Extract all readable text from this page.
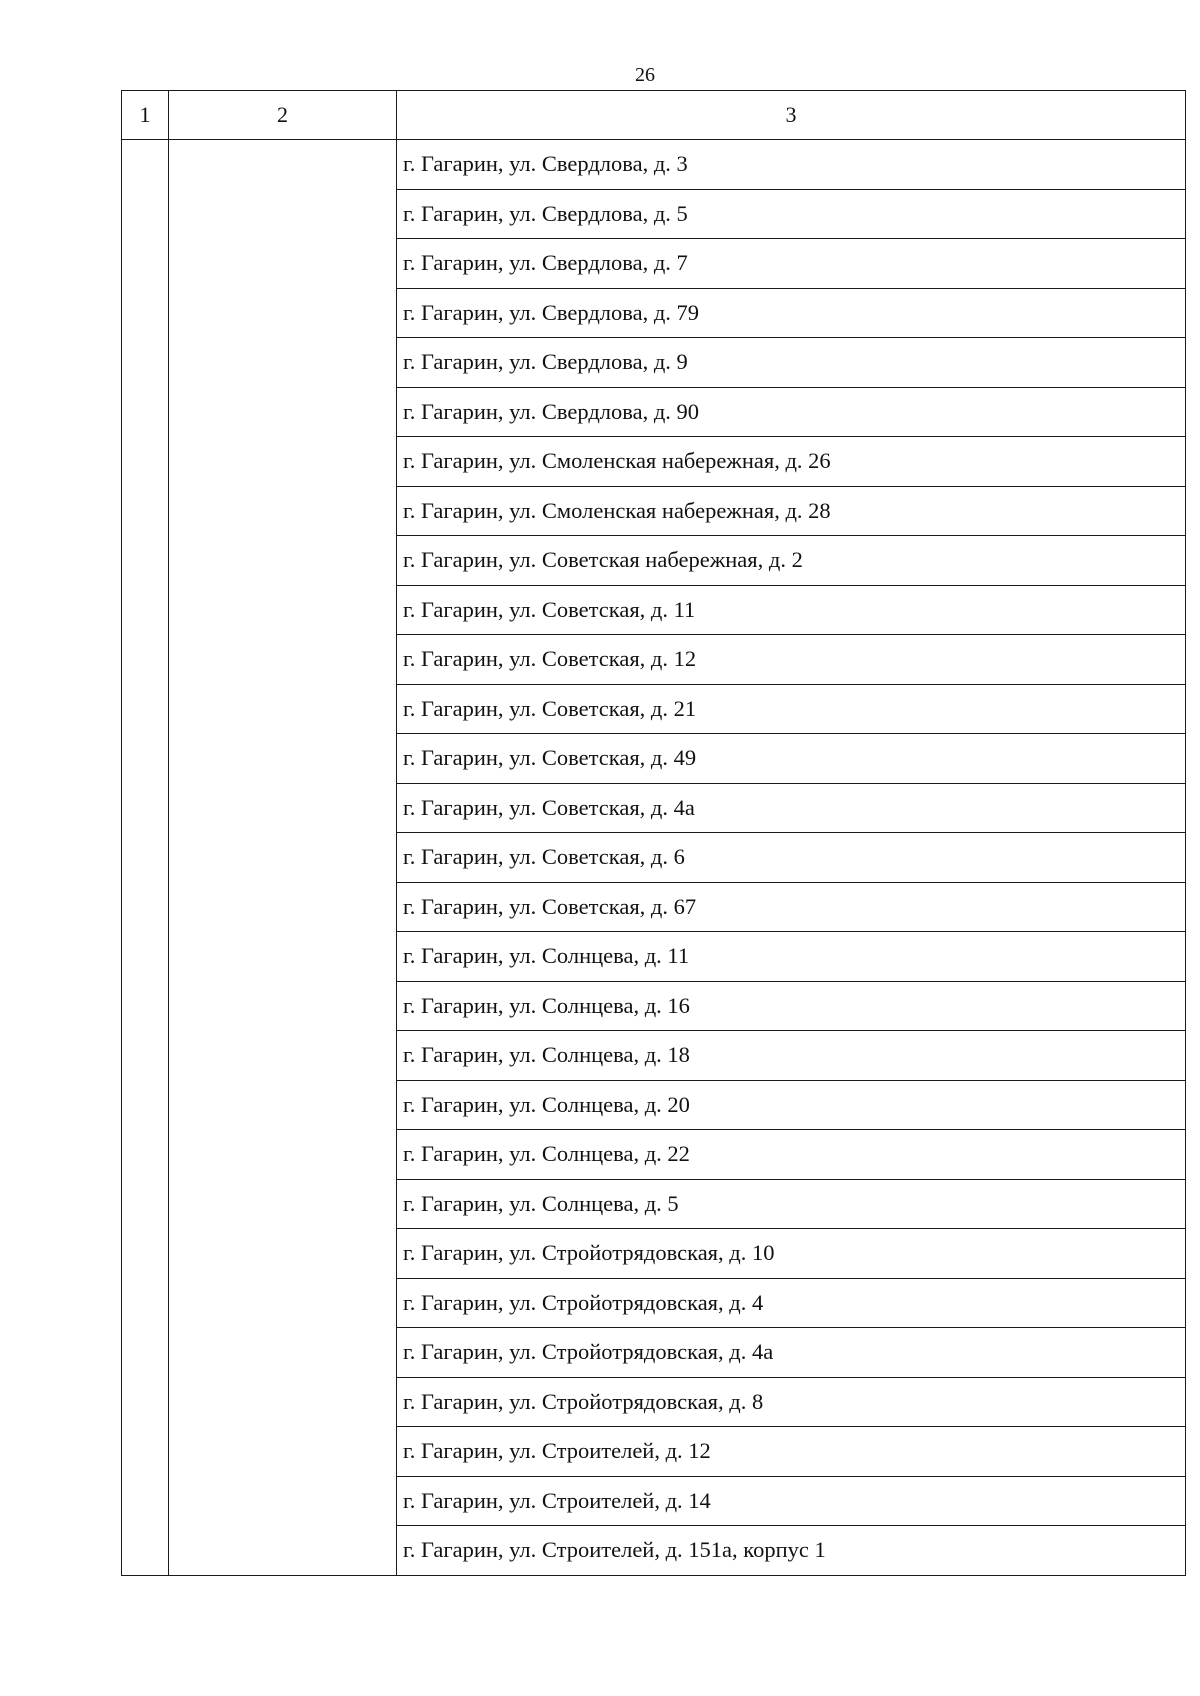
26
1	2	3
		г. Гагарин, ул. Свердлова, д. 3
		г. Гагарин, ул. Свердлова, д. 5
		г. Гагарин, ул. Свердлова, д. 7
		г. Гагарин, ул. Свердлова, д. 79
		г. Гагарин, ул. Свердлова, д. 9
		г. Гагарин, ул. Свердлова, д. 90
		г. Гагарин, ул. Смоленская набережная, д. 26
		г. Гагарин, ул. Смоленская набережная, д. 28
		г. Гагарин, ул. Советская набережная, д. 2
		г. Гагарин, ул. Советская, д. 11
		г. Гагарин, ул. Советская, д. 12
		г. Гагарин, ул. Советская, д. 21
		г. Гагарин, ул. Советская, д. 49
		г. Гагарин, ул. Советская, д. 4а
		г. Гагарин, ул. Советская, д. 6
		г. Гагарин, ул. Советская, д. 67
		г. Гагарин, ул. Солнцева, д. 11
		г. Гагарин, ул. Солнцева, д. 16
		г. Гагарин, ул. Солнцева, д. 18
		г. Гагарин, ул. Солнцева, д. 20
		г. Гагарин, ул. Солнцева, д. 22
		г. Гагарин, ул. Солнцева, д. 5
		г. Гагарин, ул. Стройотрядовская, д. 10
		г. Гагарин, ул. Стройотрядовская, д. 4
		г. Гагарин, ул. Стройотрядовская, д. 4а
		г. Гагарин, ул. Стройотрядовская, д. 8
		г. Гагарин, ул. Строителей, д. 12
		г. Гагарин, ул. Строителей, д. 14
		г. Гагарин, ул. Строителей, д. 151а, корпус 1
